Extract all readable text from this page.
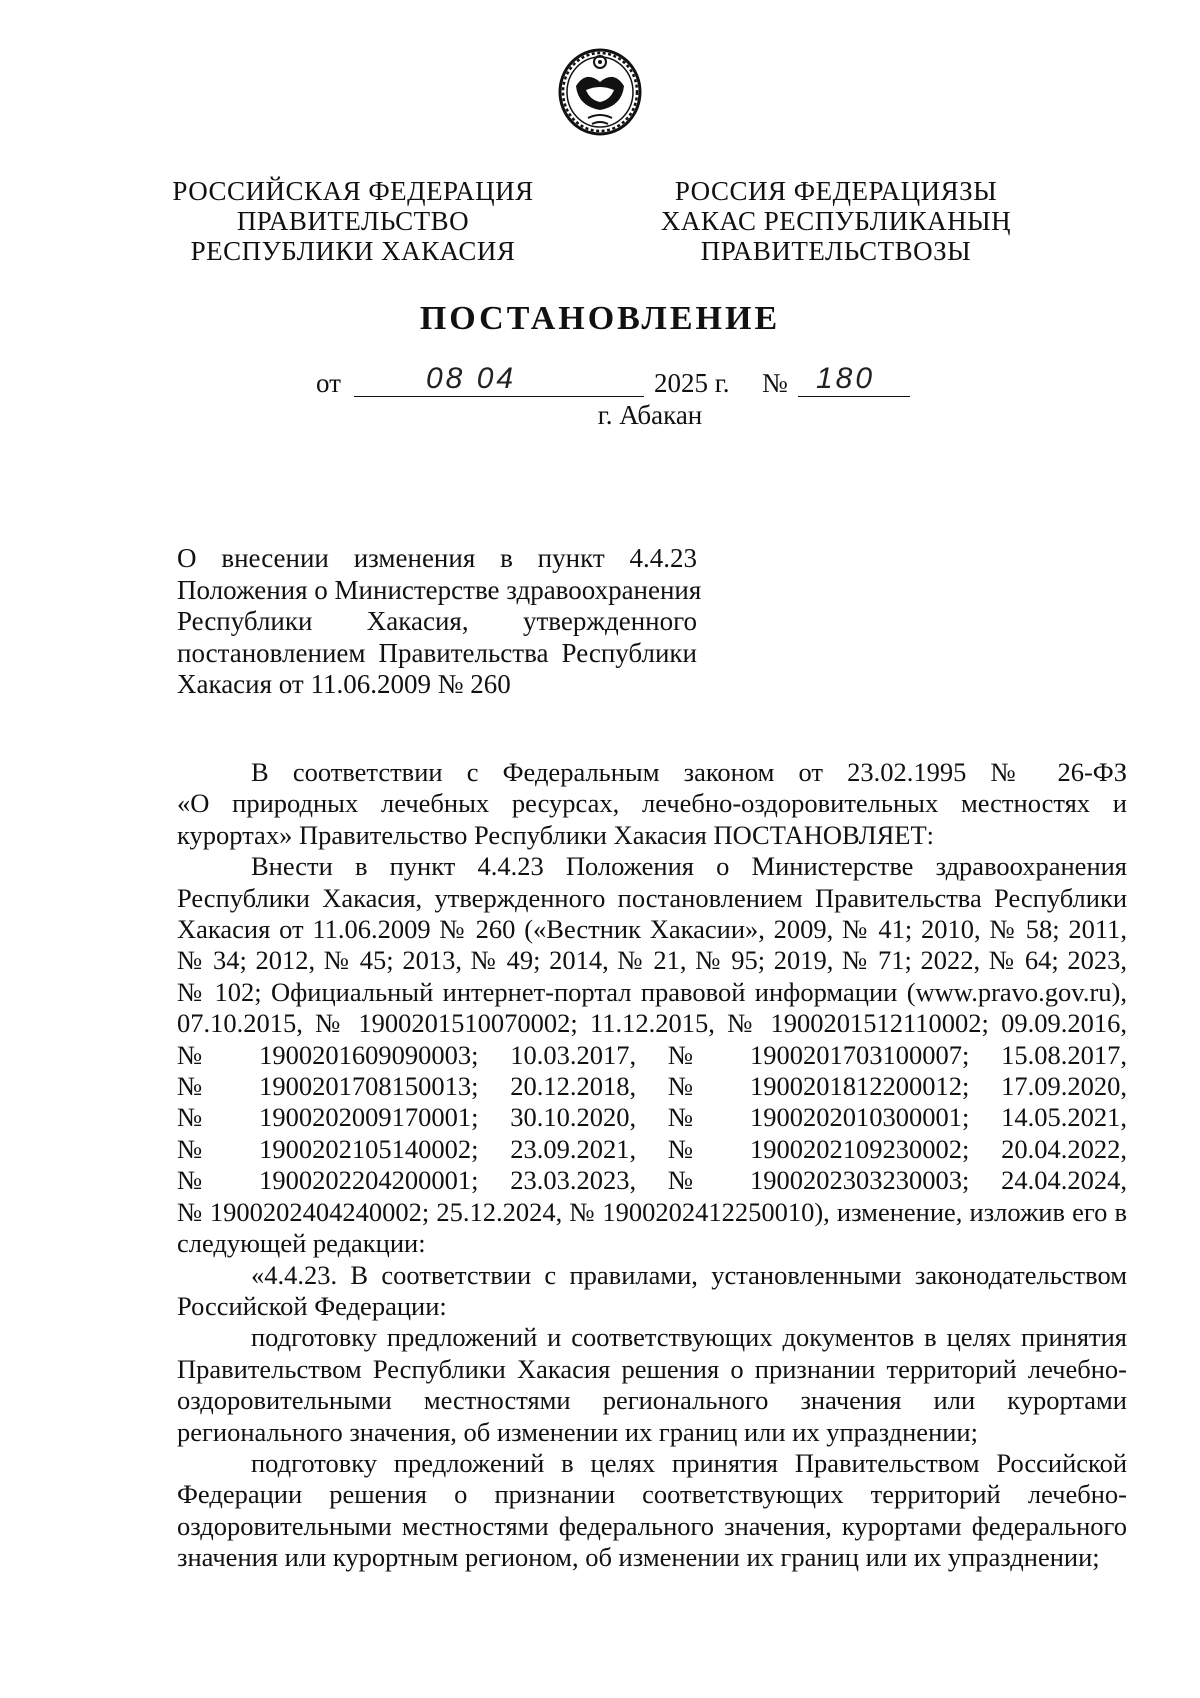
РОССИЙСКАЯ ФЕДЕРАЦИЯ
ПРАВИТЕЛЬСТВО
РЕСПУБЛИКИ ХАКАСИЯ
РОССИЯ ФЕДЕРАЦИЯЗЫ
ХАКАС РЕСПУБЛИКАНЫҢ
ПРАВИТЕЛЬСТВОЗЫ
ПОСТАНОВЛЕНИЕ
от	08 04	2025 г. № 180
г. Абакан
О внесении изменения в пункт 4.4.23
Положения о Министерстве здравоохранения
Республики Хакасия, утвержденного
постановлением Правительства Республики
Хакасия от 11.06.2009 № 260
В соответствии с Федеральным законом от 23.02.1995 № 26-ФЗ
«О природных лечебных ресурсах, лечебно-оздоровительных местностях и
курортах» Правительство Республики Хакасия ПОСТАНОВЛЯЕТ:
Внести в пункт 4.4.23 Положения о Министерстве здравоохранения
Республики Хакасия, утвержденного постановлением Правительства Республики
Хакасия от 11.06.2009 № 260 («Вестник Хакасии», 2009, № 41; 2010, № 58; 2011,
№ 34; 2012, № 45; 2013, № 49; 2014, № 21, № 95; 2019, № 71; 2022, № 64; 2023,
№ 102; Официальный интернет-портал правовой информации (www.pravo.gov.ru),
07.10.2015, № 1900201510070002; 11.12.2015, № 1900201512110002; 09.09.2016,
№ 1900201609090003; 10.03.2017, № 1900201703100007; 15.08.2017,
№ 1900201708150013; 20.12.2018, № 1900201812200012; 17.09.2020,
№ 1900202009170001; 30.10.2020, № 1900202010300001; 14.05.2021,
№ 1900202105140002; 23.09.2021, № 1900202109230002; 20.04.2022,
№ 1900202204200001; 23.03.2023, № 1900202303230003; 24.04.2024,
№ 1900202404240002; 25.12.2024, № 1900202412250010), изменение, изложив его в
следующей редакции:
«4.4.23. В соответствии с правилами, установленными законодательством
Российской Федерации:
подготовку предложений и соответствующих документов в целях принятия
Правительством Республики Хакасия решения о признании территорий лечебно-
оздоровительными местностями регионального значения или курортами
регионального значения, об изменении их границ или их упразднении;
подготовку предложений в целях принятия Правительством Российской
Федерации решения о признании соответствующих территорий лечебно-
оздоровительными местностями федерального значения, курортами федерального
значения или курортным регионом, об изменении их границ или их упразднении;
